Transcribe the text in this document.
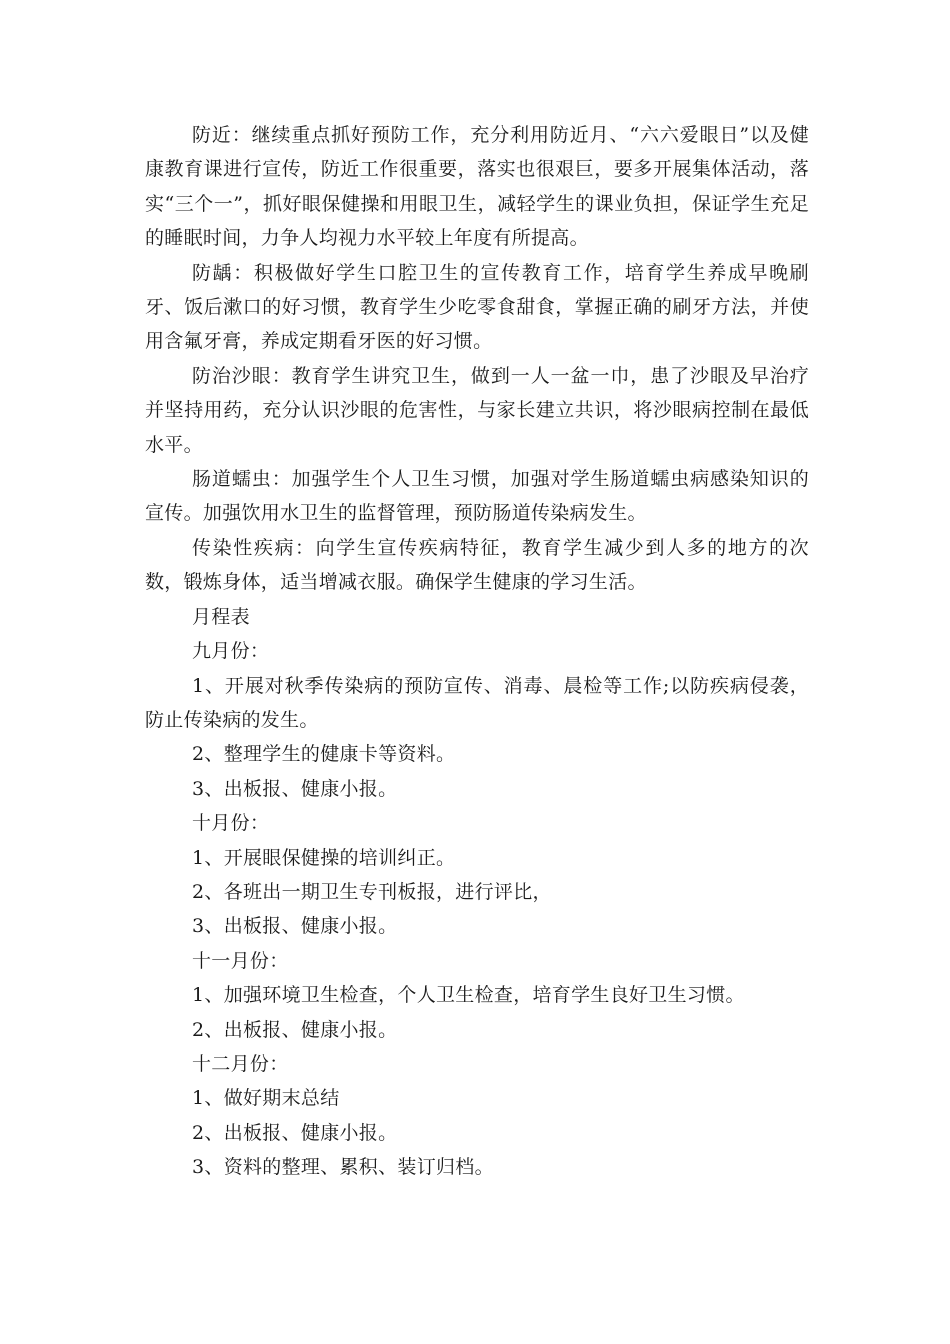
防近：继续重点抓好预防工作，充分利用防近月、“六六爱眼日”以及健康教育课进行宣传，防近工作很重要，落实也很艰巨，要多开展集体活动，落实“三个一”，抓好眼保健操和用眼卫生，减轻学生的课业负担，保证学生充足的睡眠时间，力争人均视力水平较上年度有所提高。

防龋：积极做好学生口腔卫生的宣传教育工作，培育学生养成早晚刷牙、饭后漱口的好习惯，教育学生少吃零食甜食，掌握正确的刷牙方法，并使用含氟牙膏，养成定期看牙医的好习惯。

防治沙眼：教育学生讲究卫生，做到一人一盆一巾，患了沙眼及早治疗并坚持用药，充分认识沙眼的危害性，与家长建立共识，将沙眼病控制在最低水平。

肠道蠕虫：加强学生个人卫生习惯，加强对学生肠道蠕虫病感染知识的宣传。加强饮用水卫生的监督管理，预防肠道传染病发生。

传染性疾病：向学生宣传疾病特征，教育学生减少到人多的地方的次数，锻炼身体，适当增减衣服。确保学生健康的学习生活。

月程表

九月份：

1、开展对秋季传染病的预防宣传、消毒、晨检等工作;以防疾病侵袭，防止传染病的发生。

2、整理学生的健康卡等资料。

3、出板报、健康小报。

十月份：

1、开展眼保健操的培训纠正。

2、各班出一期卫生专刊板报，进行评比，

3、出板报、健康小报。

十一月份：

1、加强环境卫生检查，个人卫生检查，培育学生良好卫生习惯。

2、出板报、健康小报。

十二月份：

1、做好期末总结

2、出板报、健康小报。

3、资料的整理、累积、装订归档。
